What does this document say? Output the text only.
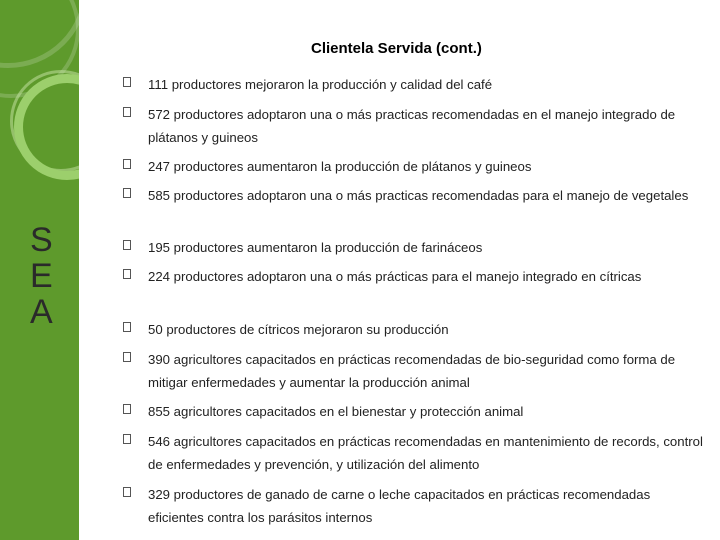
S
E
A
Clientela Servida (cont.)
111 productores mejoraron la producción y calidad del café
572 productores adoptaron una o más practicas recomendadas en el manejo integrado de plátanos y guineos
247 productores aumentaron la producción de plátanos y guineos
585 productores adoptaron una o más practicas recomendadas para el manejo de vegetales
195 productores aumentaron la producción de farináceos
224 productores adoptaron una o más prácticas para el manejo integrado en cítricas
50 productores de cítricos mejoraron su producción
390 agricultores capacitados en prácticas recomendadas de bio-seguridad como forma de mitigar enfermedades y aumentar la producción animal
855 agricultores capacitados en el bienestar y protección animal
546 agricultores capacitados en prácticas recomendadas en mantenimiento de records, control de enfermedades y prevención, y utilización del alimento
329 productores de ganado de carne o leche capacitados en prácticas recomendadas eficientes contra los parásitos internos
